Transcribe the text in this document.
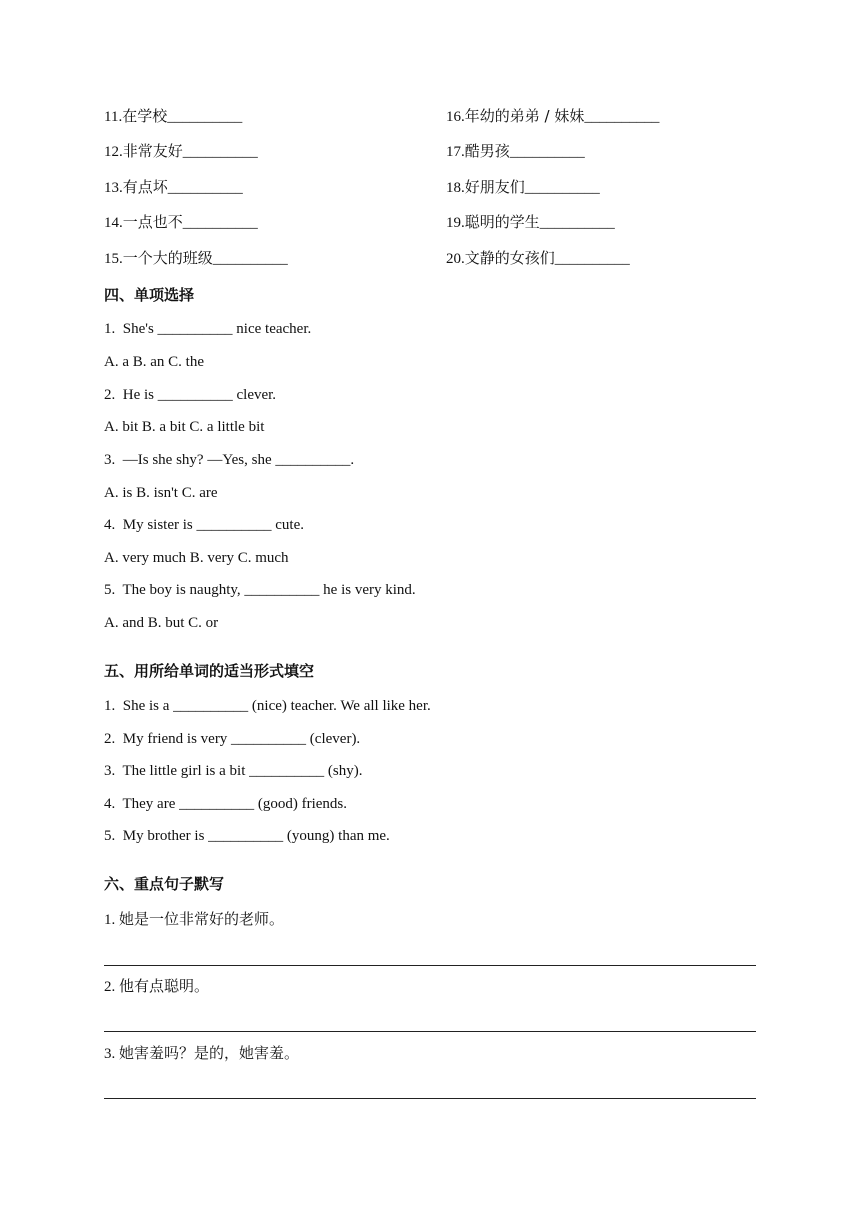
11.在学校__________
12.非常友好__________
13.有点坏__________
14.一点也不__________
15.一个大的班级__________
16.年幼的弟弟 / 妹妹__________
17.酷男孩__________
18.好朋友们__________
19.聪明的学生__________
20.文静的女孩们__________
四、单项选择
1.  She's __________ nice teacher.
A. a B. an C. the
2.  He is __________ clever.
A. bit B. a bit C. a little bit
3.  —Is she shy? —Yes, she __________.
A. is B. isn't C. are
4.  My sister is __________ cute.
A. very much B. very C. much
5.  The boy is naughty, __________ he is very kind.
A. and B. but C. or
五、用所给单词的适当形式填空
1.  She is a __________ (nice) teacher. We all like her.
2.  My friend is very __________ (clever).
3.  The little girl is a bit __________ (shy).
4.  They are __________ (good) friends.
5.  My brother is __________ (young) than me.
六、重点句子默写
1. 她是一位非常好的老师。
2. 他有点聪明。
3. 她害羞吗？是的，她害羞。
